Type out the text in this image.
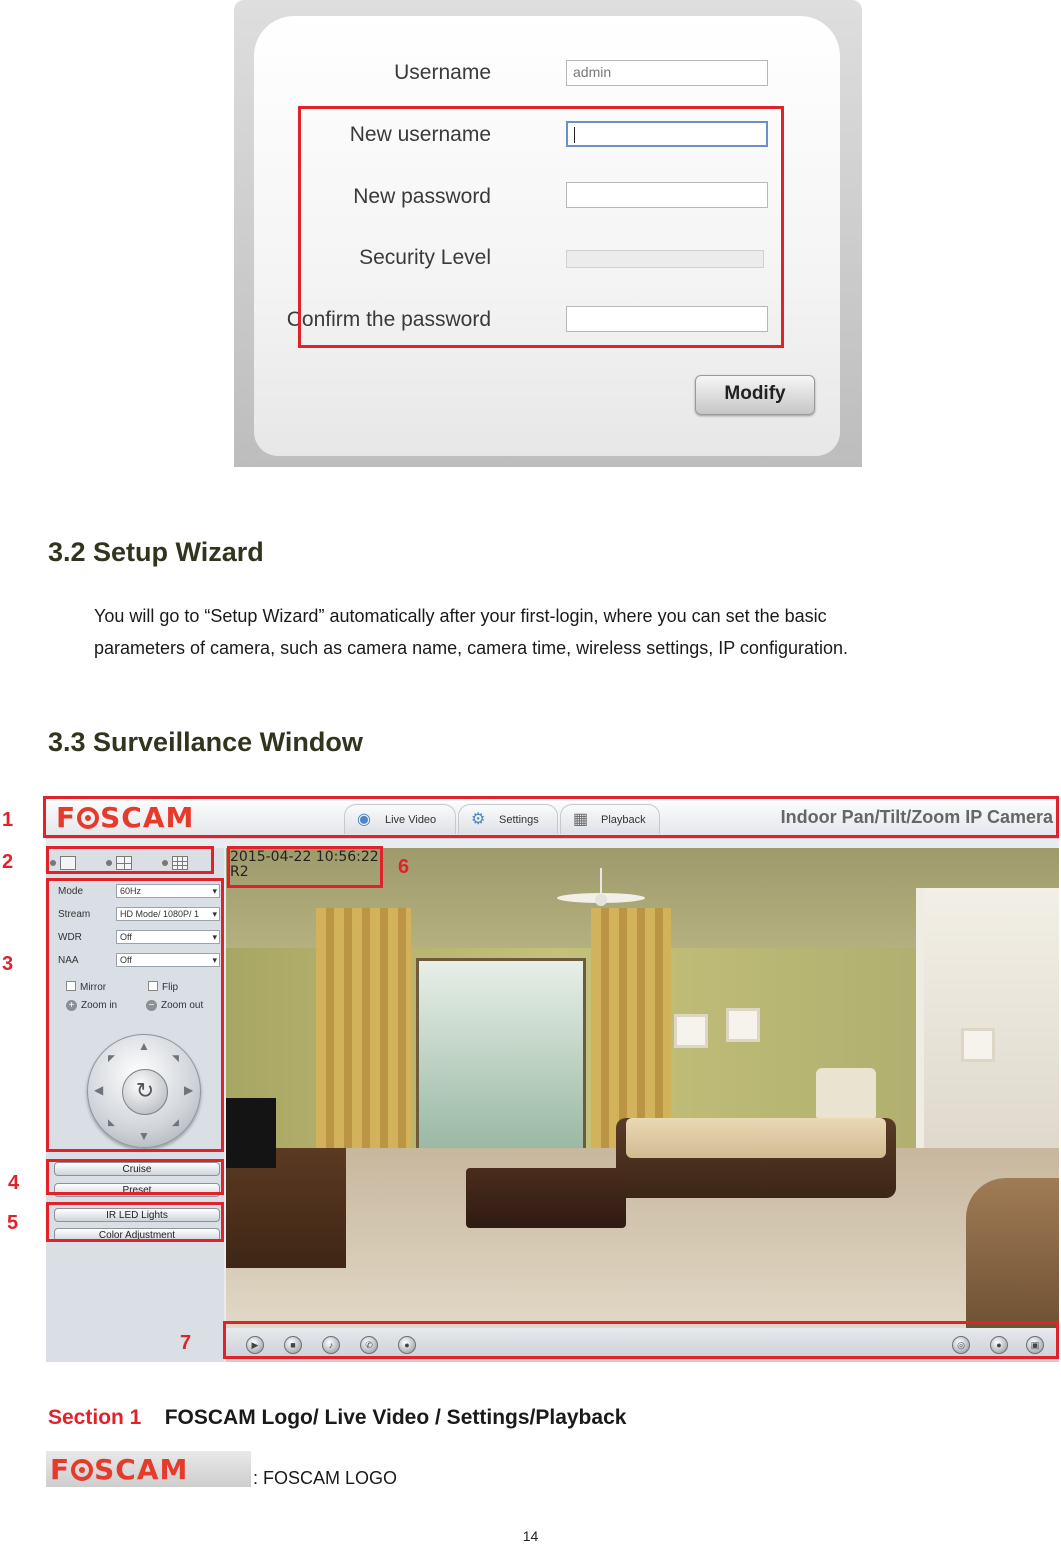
Username	admin
New username
New password
Security Level
Confirm the password
Modify
3.2 Setup Wizard

You will go to “Setup Wizard” automatically after your first-login, where you can set the basic

parameters of camera, such as camera name, camera time, wireless settings, IP configuration.

3.3 Surveillance Window
F SCAM	◉	Live Video	⚙	Settings	▦	Playback	Indoor Pan/Tilt/Zoom IP Camera
Mode	60Hz ▾
Stream	HD Mode/ 1080P/ 1 ▾
WDR	Off ▾
NAA	Off ▾
Mirror	Flip
+ Zoom in	− Zoom out
▲
▼
◀	▶
◤	◥
◣	◢
↻
Cruise
Preset
IR LED Lights
Color Adjustment
2015-04-22 10:56:22
R2
▶	■	♪	✆	●	◎	●	▣
1
2
3
4
5
6
7
Section 1 FOSCAM Logo/ Live Video / Settings/Playback
F SCAM	: FOSCAM LOGO
14
